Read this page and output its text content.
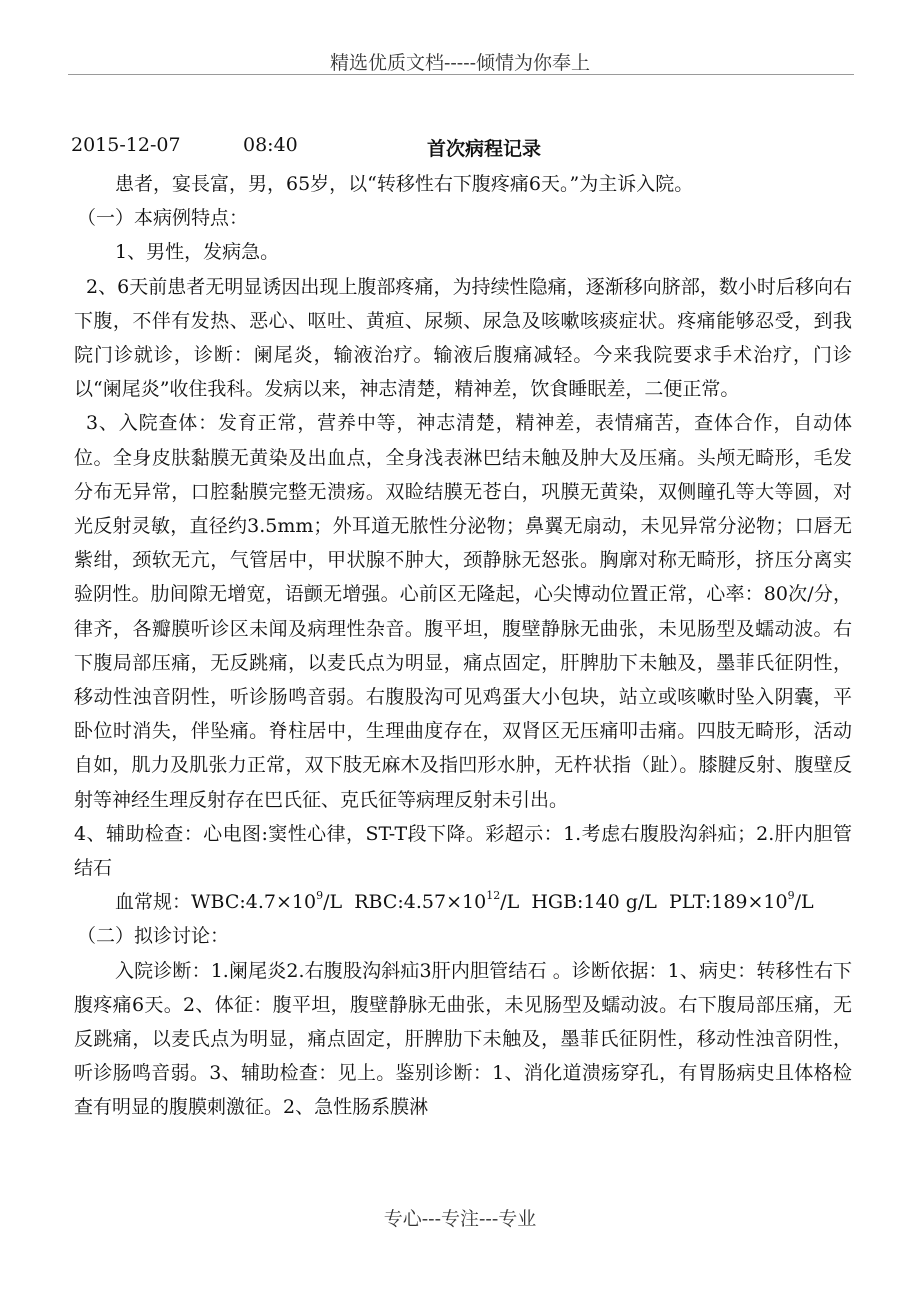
精选优质文档-----倾情为你奉上
2015-12-07	08:40	首次病程记录

患者，宴長富，男，65岁，以“转移性右下腹疼痛6天。”为主诉入院。

（一）本病例特点：

1、男性，发病急。

2、6天前患者无明显诱因出现上腹部疼痛，为持续性隐痛，逐渐移向脐部，数小时后移向右下腹，不伴有发热、恶心、呕吐、黄疸、尿频、尿急及咳嗽咳痰症状。疼痛能够忍受，到我院门诊就诊，诊断：阑尾炎，输液治疗。输液后腹痛减轻。今来我院要求手术治疗，门诊以“阑尾炎”收住我科。发病以来，神志清楚，精神差，饮食睡眠差，二便正常。

3、入院查体：发育正常，营养中等，神志清楚，精神差，表情痛苦，查体合作，自动体位。全身皮肤黏膜无黄染及出血点，全身浅表淋巴结未触及肿大及压痛。头颅无畸形，毛发分布无异常，口腔黏膜完整无溃疡。双睑结膜无苍白，巩膜无黄染，双侧瞳孔等大等圆，对光反射灵敏，直径约3.5mm；外耳道无脓性分泌物；鼻翼无扇动，未见异常分泌物；口唇无紫绀，颈软无亢，气管居中，甲状腺不肿大，颈静脉无怒张。胸廓对称无畸形，挤压分离实验阴性。肋间隙无增宽，语颤无增强。心前区无隆起，心尖博动位置正常，心率：80次/分，律齐，各瓣膜听诊区未闻及病理性杂音。腹平坦，腹壁静脉无曲张，未见肠型及蠕动波。右下腹局部压痛，无反跳痛，以麦氏点为明显，痛点固定，肝脾肋下未触及，墨菲氏征阴性，移动性浊音阴性，听诊肠鸣音弱。右腹股沟可见鸡蛋大小包块，站立或咳嗽时坠入阴囊，平卧位时消失，伴坠痛。脊柱居中，生理曲度存在，双肾区无压痛叩击痛。四肢无畸形，活动自如，肌力及肌张力正常，双下肢无麻木及指凹形水肿，无杵状指（趾）。膝腱反射、腹壁反射等神经生理反射存在巴氏征、克氏征等病理反射未引出。

4、辅助检查：心电图:窦性心律，ST-T段下降。彩超示：1.考虑右腹股沟斜疝；2.肝内胆管结石

血常规：$WBC:4.7\times 10^9/L$  $RBC:4.57\times 10^{12}/L$  HGB:140 g/L  $PLT:189\times 10^9/L$

（二）拟诊讨论：

入院诊断：1.阑尾炎2.右腹股沟斜疝3肝内胆管结石 。诊断依据：1、病史：转移性右下腹疼痛6天。2、体征：腹平坦，腹壁静脉无曲张，未见肠型及蠕动波。右下腹局部压痛，无反跳痛，以麦氏点为明显，痛点固定，肝脾肋下未触及，墨菲氏征阴性，移动性浊音阴性，听诊肠鸣音弱。3、辅助检查：见上。鉴别诊断：1、消化道溃疡穿孔，有胃肠病史且体格检查有明显的腹膜刺激征。2、急性肠系膜淋

专心---专注---专业
